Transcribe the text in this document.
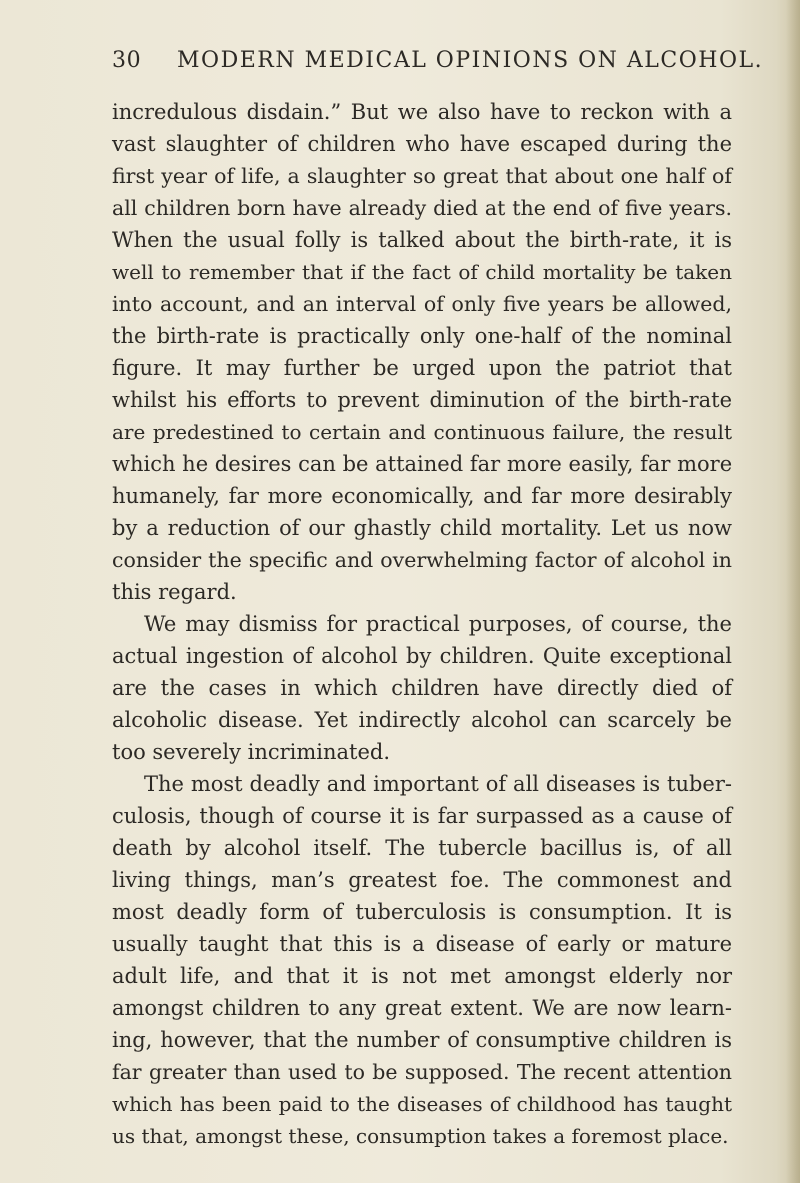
30 MODERN MEDICAL OPINIONS ON ALCOHOL.
incredulous disdain.” But we also have to reckon with a
vast slaughter of children who have escaped during the
first year of life, a slaughter so great that about one half of
all children born have already died at the end of five years.
When the usual folly is talked about the birth-rate, it is
well to remember that if the fact of child mortality be taken
into account, and an interval of only five years be allowed,
the birth-rate is practically only one-half of the nominal
figure. It may further be urged upon the patriot that
whilst his efforts to prevent diminution of the birth-rate
are predestined to certain and continuous failure, the result
which he desires can be attained far more easily, far more
humanely, far more economically, and far more desirably
by a reduction of our ghastly child mortality. Let us now
consider the specific and overwhelming factor of alcohol in
this regard.
We may dismiss for practical purposes, of course, the
actual ingestion of alcohol by children. Quite exceptional
are the cases in which children have directly died of
alcoholic disease. Yet indirectly alcohol can scarcely be
too severely incriminated.
The most deadly and important of all diseases is tuber-
culosis, though of course it is far surpassed as a cause of
death by alcohol itself. The tubercle bacillus is, of all
living things, man’s greatest foe. The commonest and
most deadly form of tuberculosis is consumption. It is
usually taught that this is a disease of early or mature
adult life, and that it is not met amongst elderly nor
amongst children to any great extent. We are now learn-
ing, however, that the number of consumptive children is
far greater than used to be supposed. The recent attention
which has been paid to the diseases of childhood has taught
us that, amongst these, consumption takes a foremost place.
